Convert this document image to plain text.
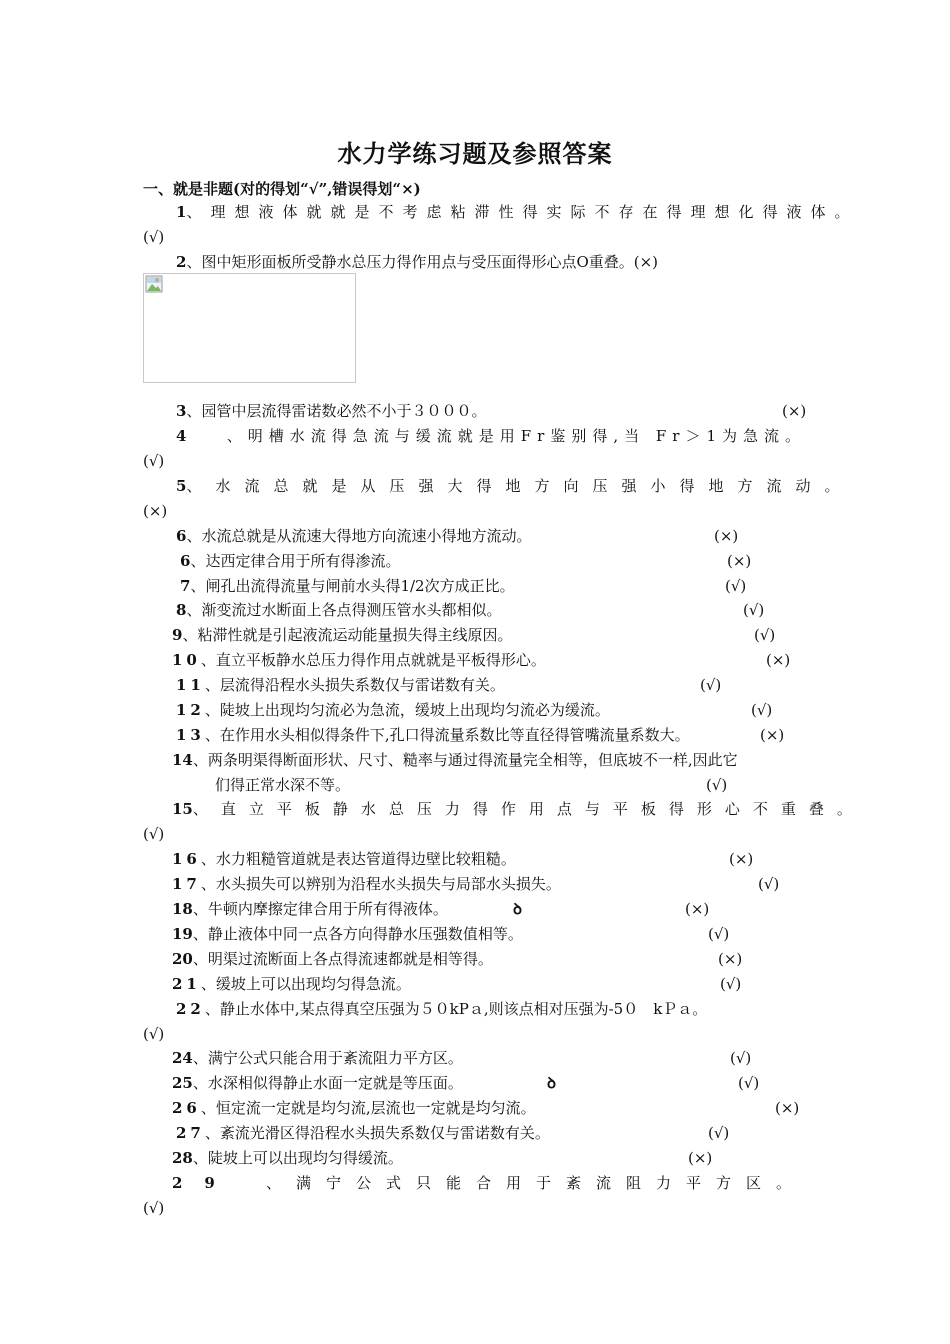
水力学练习题及参照答案
一、就是非题(对的得划“√”,错误得划“×)
1 、理想液体就就是不考虑粘滞性得实际不存在得理想化得液体。
(√)
2、图中矩形面板所受静水总压力得作用点与受压面得形心点O重叠。(×)
3、园管中层流得雷诺数必然不小于３０００。	(×)
4	、明槽水流得急流与缓流就是用Fr鉴别得,当 Fr＞1为急流。
(√)
5 、水流总就是从压强大得地方向压强小得地方流动。
(×)
6、水流总就是从流速大得地方向流速小得地方流动。	(×)
6、达西定律合用于所有得渗流。	(×)
7、闸孔出流得流量与闸前水头得1/2次方成正比。	(√)
8、渐变流过水断面上各点得测压管水头都相似。	(√)
9、粘滞性就是引起液流运动能量损失得主线原因。	(√)
10、直立平板静水总压力得作用点就就是平板得形心。	(×)
11、层流得沿程水头损失系数仅与雷诺数有关。	(√)
12、陡坡上出现均匀流必为急流，缓坡上出现均匀流必为缓流。	(√)
13、在作用水头相似得条件下,孔口得流量系数比等直径得管嘴流量系数大。	(×)
14、两条明渠得断面形状、尺寸、糙率与通过得流量完全相等，但底坡不一样,因此它
们得正常水深不等。	(√)
15 、直立平板静水总压力得作用点与平板得形心不重叠。
(√)
16、水力粗糙管道就是表达管道得边壁比较粗糙。	(×)
17、水头损失可以辨别为沿程水头损失与局部水头损失。	(√)
18、牛顿内摩擦定律合用于所有得液体。	ꝺ	(×)
19、静止液体中同一点各方向得静水压强数值相等。	(√)
20、明渠过流断面上各点得流速都就是相等得。	(×)
21、缓坡上可以出现均匀得急流。	(√)
22、静止水体中,某点得真空压强为５０kPａ,则该点相对压强为-5０　kＰａ。
(√)
24、满宁公式只能合用于紊流阻力平方区。	(√)
25、水深相似得静止水面一定就是等压面。	ꝺ	(√)
26、恒定流一定就是均匀流,层流也一定就是均匀流。	(×)
27、紊流光滑区得沿程水头损失系数仅与雷诺数有关。	(√)
28、陡坡上可以出现均匀得缓流。	(×)
29 、满宁公式只能合用于紊流阻力平方区。
(√)
